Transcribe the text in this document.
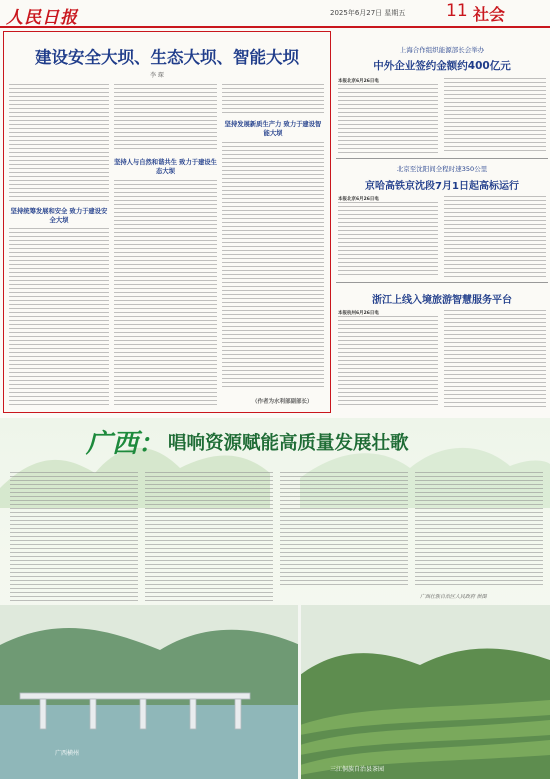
人民日报	2025年6月27日 星期五 11 社会
建设安全大坝、生态大坝、智能大坝
李 琛
坚持统筹发展和安全 致力于建设安全大坝
坚持人与自然和谐共生 致力于建设生态大坝
坚持发展新质生产力 致力于建设智能大坝
（作者为水利部副部长）
上海合作组织能源部长会举办
中外企业签约金额约400亿元
本报北京6月26日电
北京至沈阳间全程时速350公里
京哈高铁京沈段7月1日起高标运行
本报北京6月26日电
浙江上线入境旅游智慧服务平台
本报杭州6月26日电
广西： 唱响资源赋能高质量发展壮歌
广西壮族自治区人民政府 供图
广西横州
三江侗族自治县茶园
